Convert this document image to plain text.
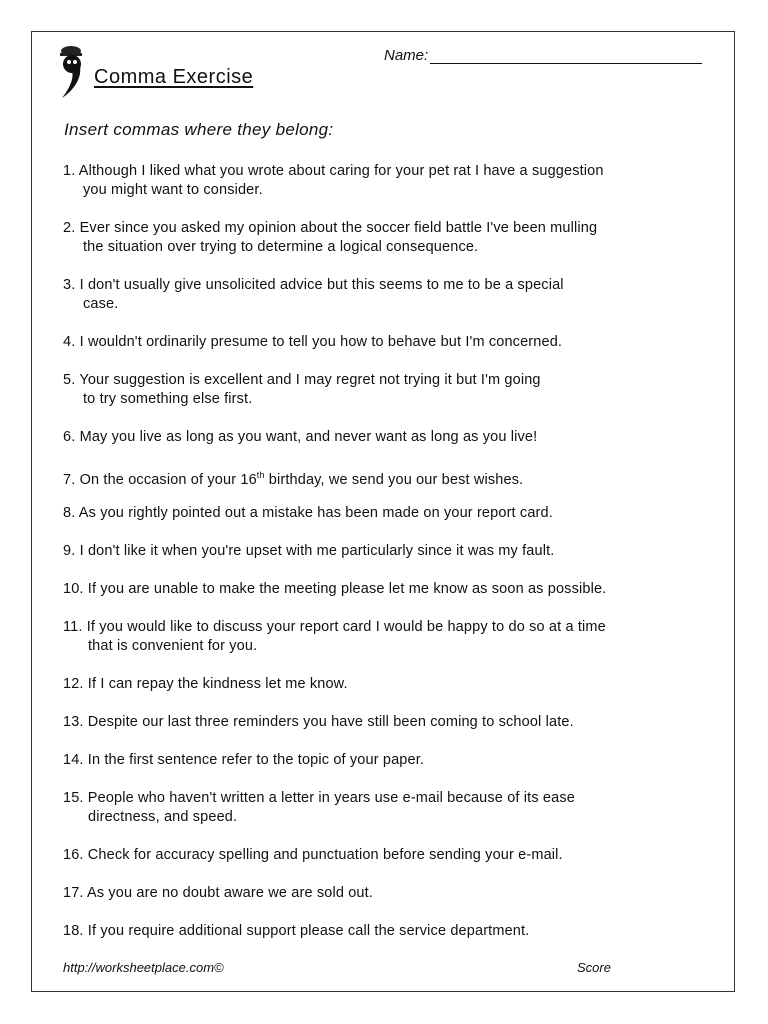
Comma Exercise
Name:
Insert commas where they belong:
1. Although I liked what you wrote about caring for your pet rat I have a suggestion
you might want to consider.
2. Ever since you asked my opinion about the soccer field battle I've been mulling
the situation over trying to determine a logical consequence.
3. I don't usually give unsolicited advice but this seems to me to be a special
case.
4. I wouldn't ordinarily presume to tell you how to behave but I'm concerned.
5. Your suggestion is excellent and I may regret not trying it but I'm going
to try something else first.
6. May you live as long as you want, and never want as long as you live!
7. On the occasion of your 16th birthday, we send you our best wishes.
8. As you rightly pointed out a mistake has been made on your report card.
9. I don't like it when you're upset with me particularly since it was my fault.
10. If you are unable to make the meeting please let me know as soon as possible.
11. If you would like to discuss your report card I would be happy to do so at a time
that is convenient for you.
12. If I can repay the kindness let me know.
13. Despite our last three reminders you have still been coming to school late.
14. In the first sentence refer to the topic of your paper.
15. People who haven't written a letter in years use e-mail because of its ease
directness, and speed.
16. Check for accuracy spelling and punctuation before sending your e-mail.
17. As you are no doubt aware we are sold out.
18. If you require additional support please call the service department.
http://worksheetplace.com©	Score
